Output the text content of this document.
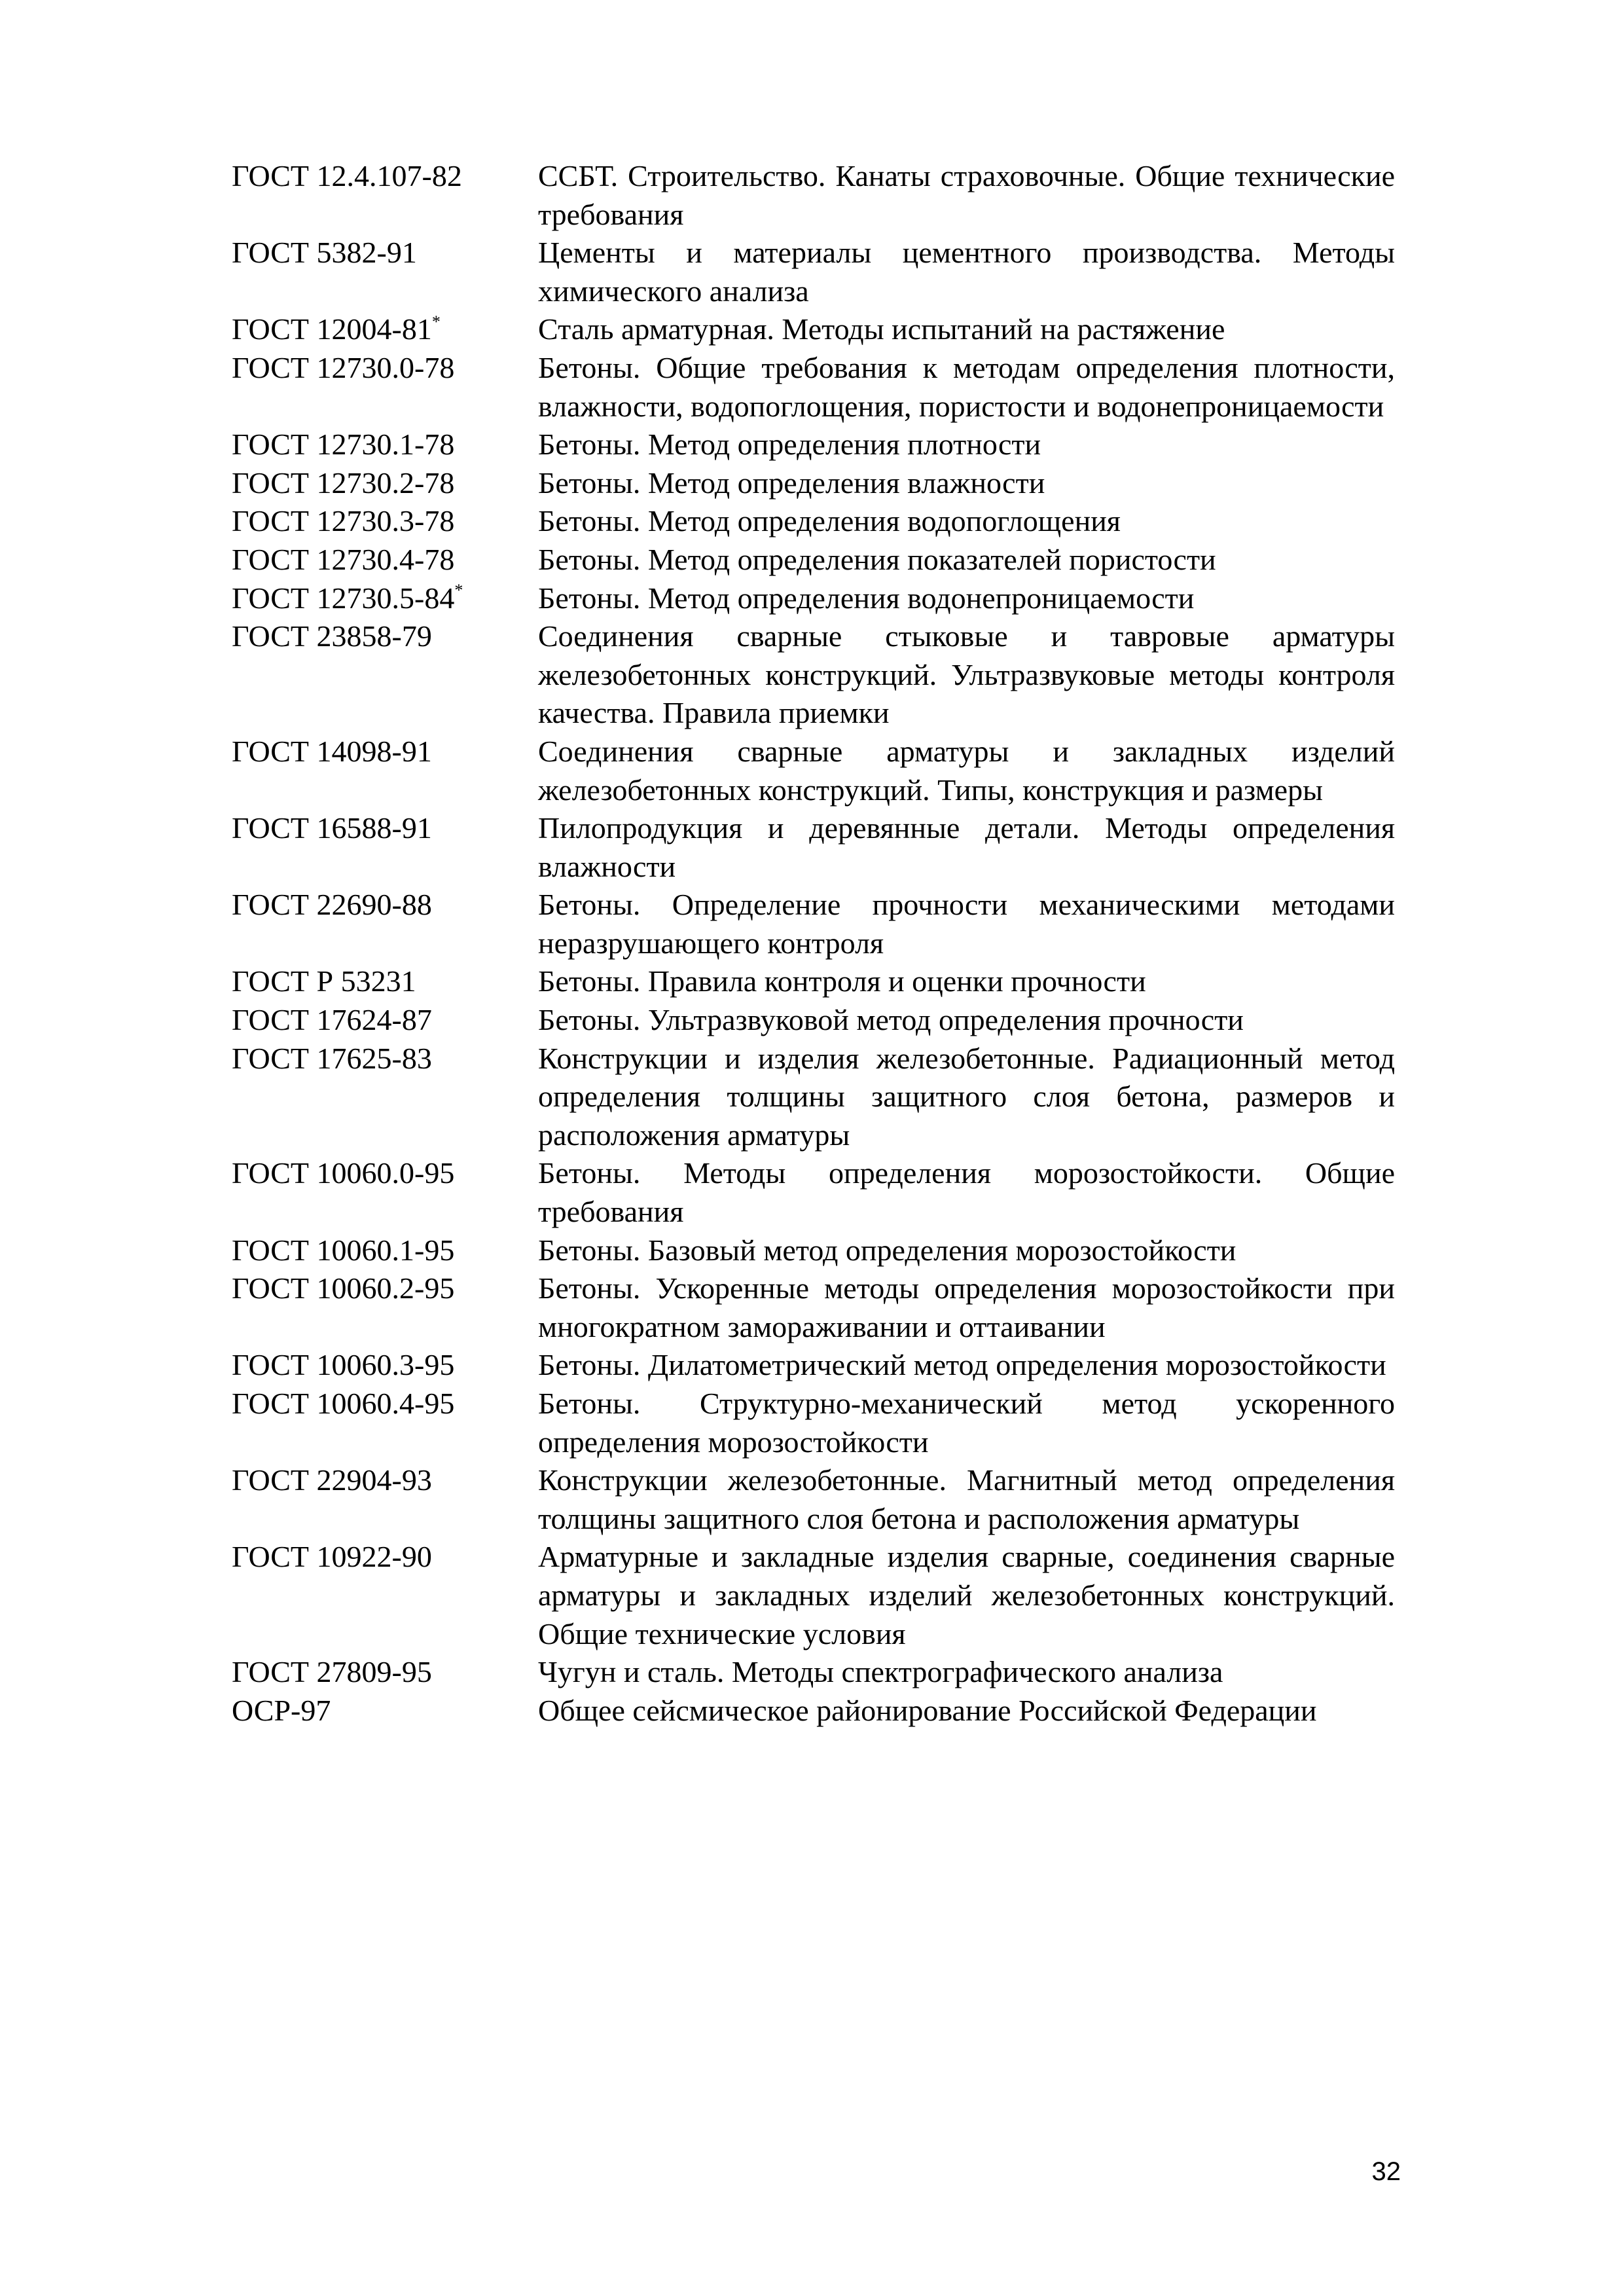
ГОСТ 12.4.107-82	ССБТ. Строительство. Канаты страховочные. Общие технические требования
ГОСТ 5382-91	Цементы и материалы цементного производства. Методы химического анализа
ГОСТ 12004-81*	Сталь арматурная. Методы испытаний на растяжение
ГОСТ 12730.0-78	Бетоны. Общие требования к методам определения плотности, влажности, водопоглощения, пористости и водонепроницаемости
ГОСТ 12730.1-78	Бетоны. Метод определения плотности
ГОСТ 12730.2-78	Бетоны. Метод определения влажности
ГОСТ 12730.3-78	Бетоны. Метод определения водопоглощения
ГОСТ 12730.4-78	Бетоны. Метод определения показателей пористости
ГОСТ 12730.5-84*	Бетоны. Метод определения водонепроницаемости
ГОСТ 23858-79	Соединения сварные стыковые и тавровые арматуры железобетонных конструкций. Ультразвуковые методы контроля качества. Правила приемки
ГОСТ 14098-91	Соединения сварные арматуры и закладных изделий железобетонных конструкций. Типы, конструкция и размеры
ГОСТ 16588-91	Пилопродукция и деревянные детали. Методы определения влажности
ГОСТ 22690-88	Бетоны. Определение прочности механическими методами неразрушающего контроля
ГОСТ Р 53231	Бетоны. Правила контроля и оценки прочности
ГОСТ 17624-87	Бетоны. Ультразвуковой метод определения прочности
ГОСТ 17625-83	Конструкции и изделия железобетонные. Радиационный метод определения толщины защитного слоя бетона, размеров и расположения арматуры
ГОСТ 10060.0-95	Бетоны. Методы определения морозостойкости. Общие требования
ГОСТ 10060.1-95	Бетоны. Базовый метод определения морозостойкости
ГОСТ 10060.2-95	Бетоны. Ускоренные методы определения морозостойкости при многократном замораживании и оттаивании
ГОСТ 10060.3-95	Бетоны. Дилатометрический метод определения морозостойкости
ГОСТ 10060.4-95	Бетоны. Структурно-механический метод ускоренного определения морозостойкости
ГОСТ 22904-93	Конструкции железобетонные. Магнитный метод определения толщины защитного слоя бетона и расположения арматуры
ГОСТ 10922-90	Арматурные и закладные изделия сварные, соединения сварные арматуры и закладных изделий железобетонных конструкций. Общие технические условия
ГОСТ 27809-95	Чугун и сталь. Методы спектрографического анализа
ОСР-97	Общее сейсмическое районирование Российской Федерации
32
